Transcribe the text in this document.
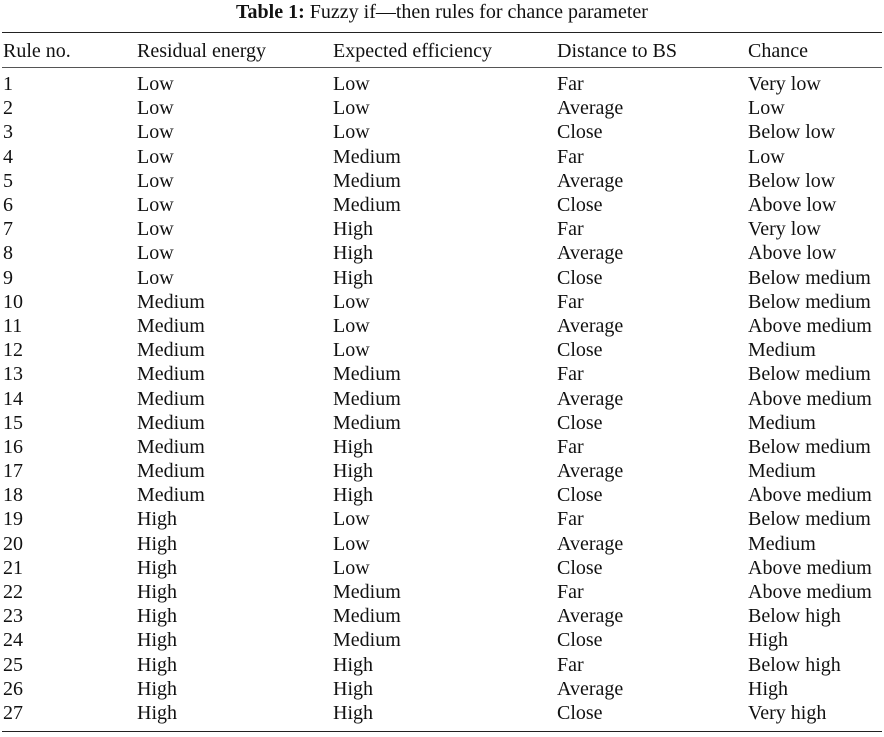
Table 1: Fuzzy if—then rules for chance parameter
Rule no.	Residual energy	Expected efficiency	Distance to BS	Chance
1	Low	Low	Far	Very low
2	Low	Low	Average	Low
3	Low	Low	Close	Below low
4	Low	Medium	Far	Low
5	Low	Medium	Average	Below low
6	Low	Medium	Close	Above low
7	Low	High	Far	Very low
8	Low	High	Average	Above low
9	Low	High	Close	Below medium
10	Medium	Low	Far	Below medium
11	Medium	Low	Average	Above medium
12	Medium	Low	Close	Medium
13	Medium	Medium	Far	Below medium
14	Medium	Medium	Average	Above medium
15	Medium	Medium	Close	Medium
16	Medium	High	Far	Below medium
17	Medium	High	Average	Medium
18	Medium	High	Close	Above medium
19	High	Low	Far	Below medium
20	High	Low	Average	Medium
21	High	Low	Close	Above medium
22	High	Medium	Far	Above medium
23	High	Medium	Average	Below high
24	High	Medium	Close	High
25	High	High	Far	Below high
26	High	High	Average	High
27	High	High	Close	Very high
